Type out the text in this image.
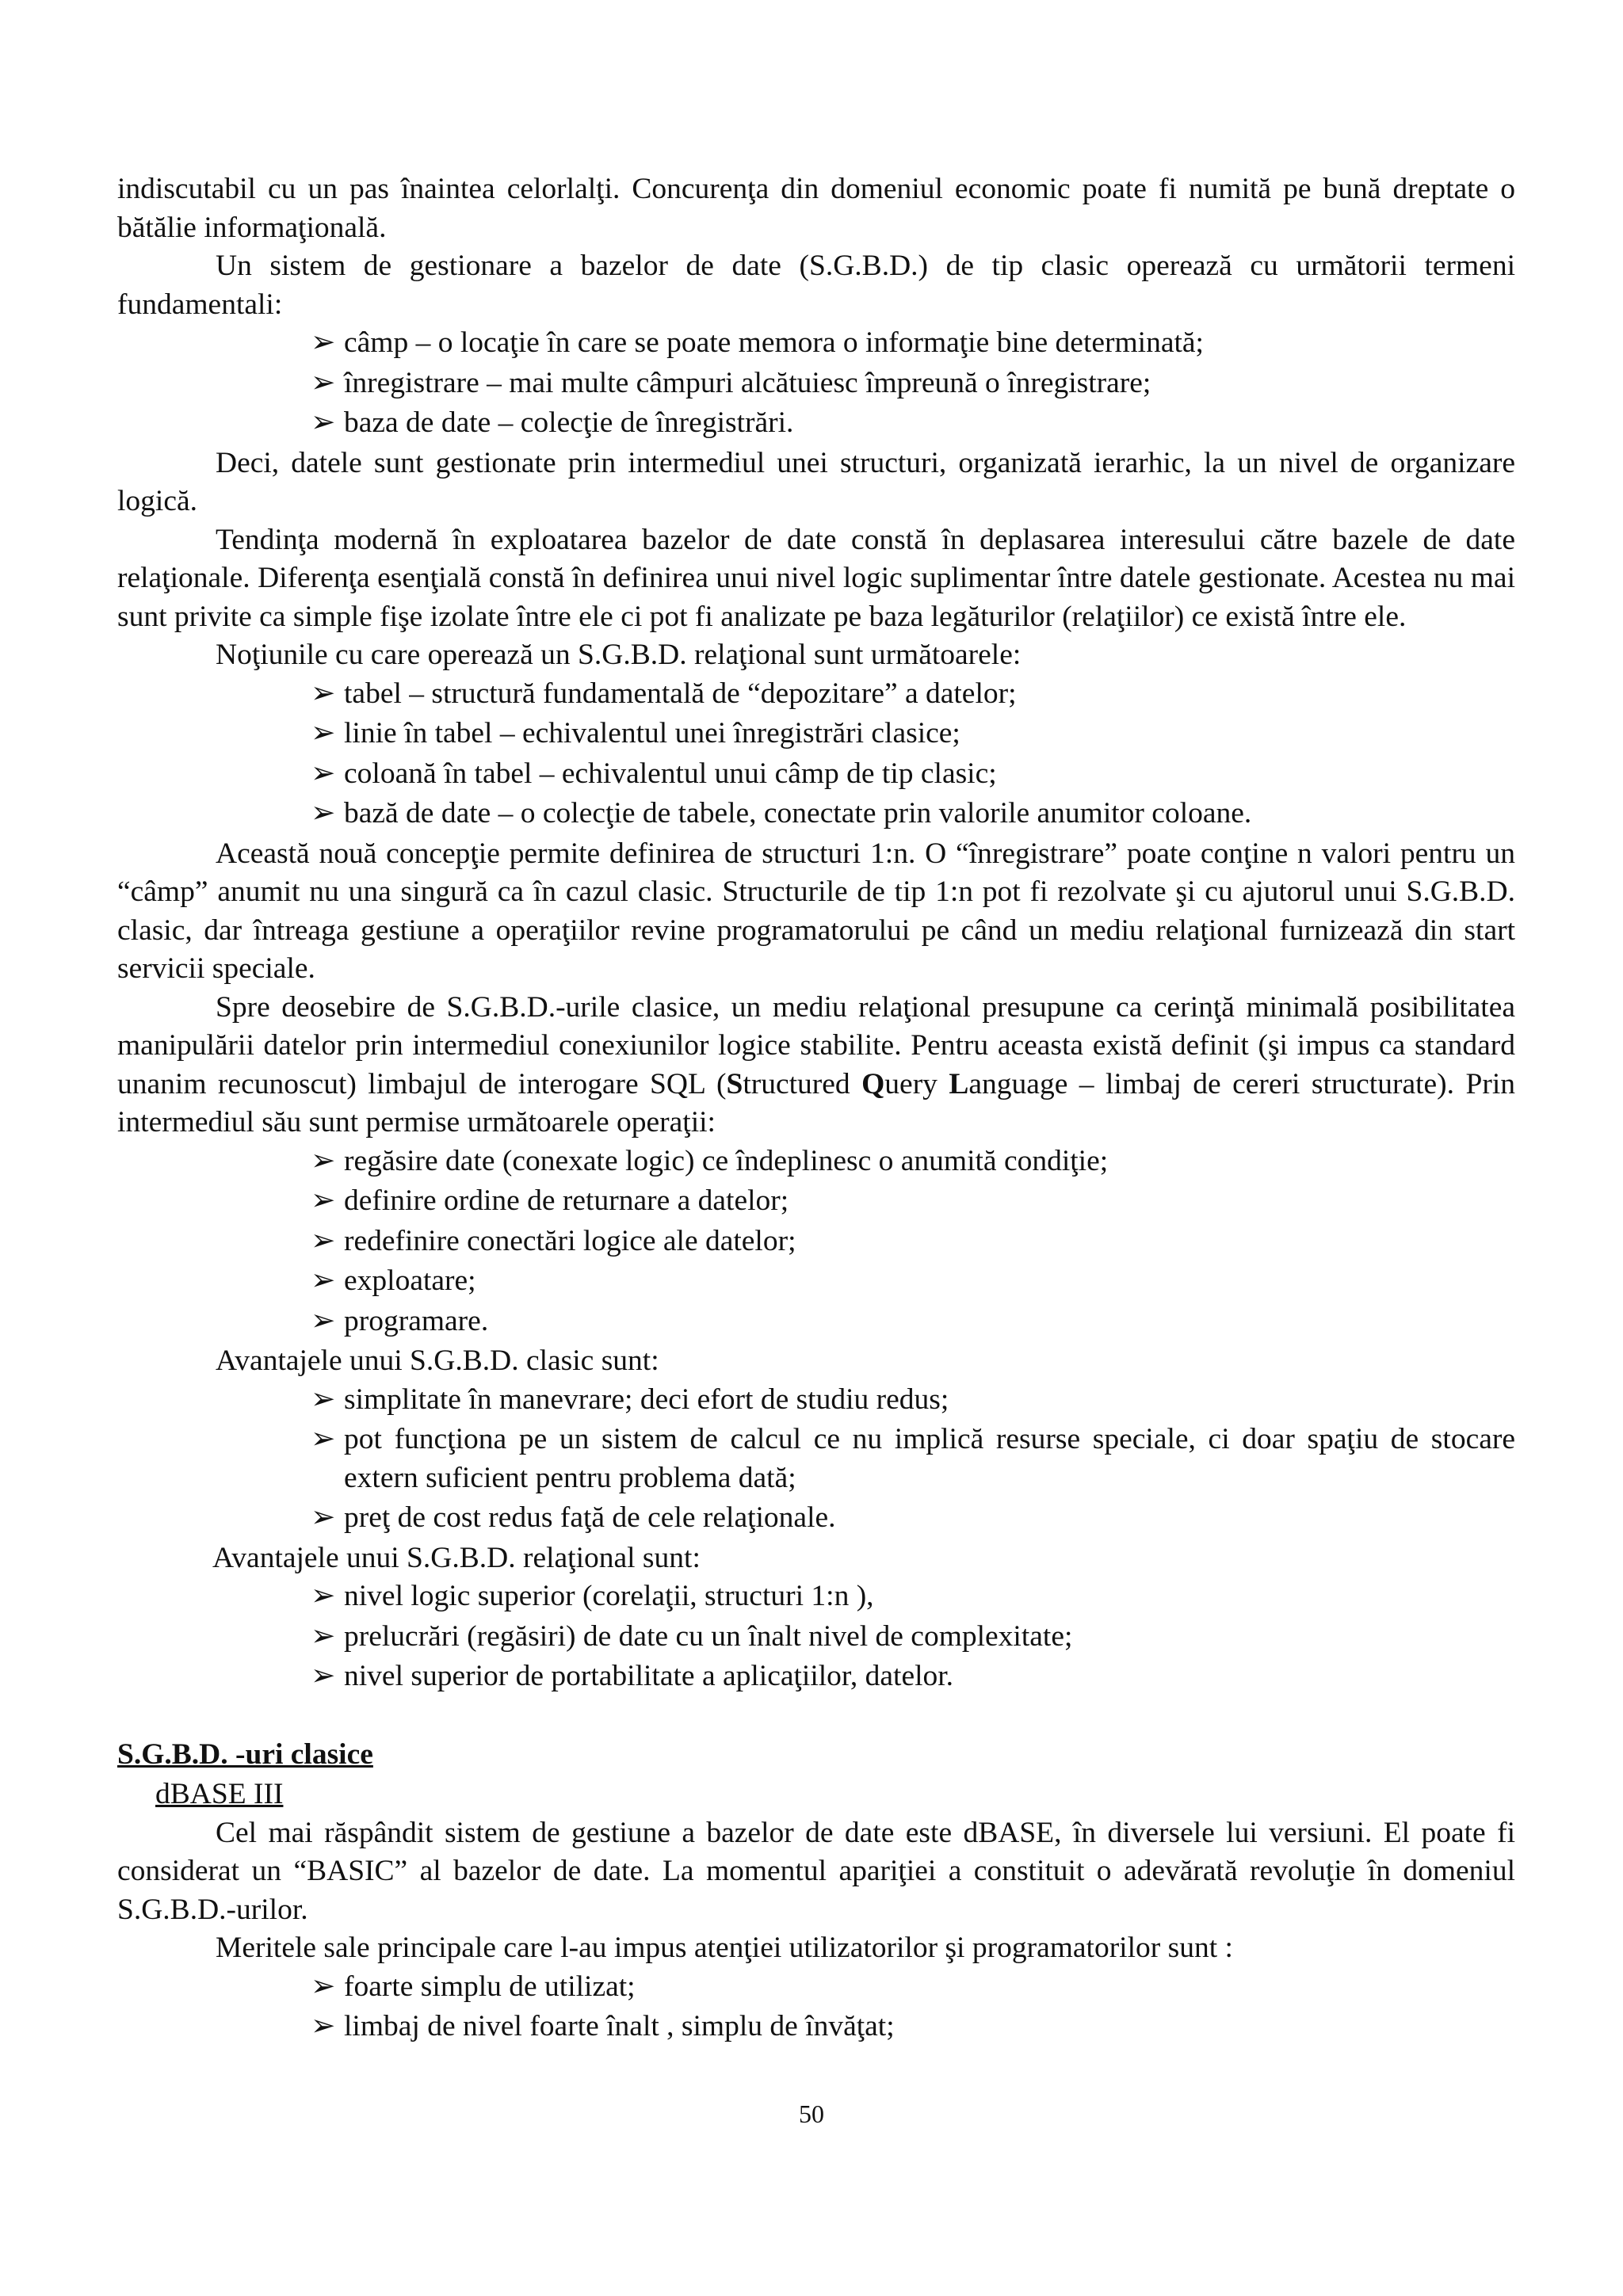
indiscutabil cu un pas înaintea celorlalţi. Concurenţa din domeniul economic poate fi numită pe bună dreptate o bătălie informaţională.

Un sistem de gestionare a bazelor de date (S.G.B.D.) de tip clasic operează cu următorii termeni fundamentali:

➢ câmp – o locaţie în care se poate memora o informaţie bine determinată;
➢ înregistrare – mai multe câmpuri alcătuiesc împreună o înregistrare;
➢ baza de date – colecţie de înregistrări.

Deci, datele sunt gestionate prin intermediul unei structuri, organizată ierarhic, la un nivel de organizare logică.

Tendinţa modernă în exploatarea bazelor de date constă în deplasarea interesului către bazele de date relaţionale. Diferenţa esenţială constă în definirea unui nivel logic suplimentar între datele gestionate. Acestea nu mai sunt privite ca simple fişe izolate între ele ci pot fi analizate pe baza legăturilor (relaţiilor) ce există între ele.

Noţiunile cu care operează un S.G.B.D. relaţional sunt următoarele:

➢ tabel – structură fundamentală de “depozitare” a datelor;
➢ linie în tabel – echivalentul unei înregistrări clasice;
➢ coloană în tabel – echivalentul unui câmp de tip clasic;
➢ bază de date – o colecţie de tabele, conectate prin valorile anumitor coloane.

Această nouă concepţie permite definirea de structuri 1:n. O “înregistrare” poate conţine n valori pentru un “câmp” anumit nu una singură ca în cazul clasic. Structurile de tip 1:n pot fi rezolvate şi cu ajutorul unui S.G.B.D. clasic, dar întreaga gestiune a operaţiilor revine programatorului pe când un mediu relaţional furnizează din start servicii speciale.

Spre deosebire de S.G.B.D.-urile clasice, un mediu relaţional presupune ca cerinţă minimală posibilitatea manipulării datelor prin intermediul conexiunilor logice stabilite. Pentru aceasta există definit (şi impus ca standard unanim recunoscut) limbajul de interogare SQL (Structured Query Language – limbaj de cereri structurate). Prin intermediul său sunt permise următoarele operaţii:

➢ regăsire date (conexate logic) ce îndeplinesc o anumită condiţie;
➢ definire ordine de returnare a datelor;
➢ redefinire conectări logice ale datelor;
➢ exploatare;
➢ programare.

Avantajele unui S.G.B.D. clasic sunt:

➢ simplitate în manevrare; deci efort de studiu redus;
➢ pot funcţiona pe un sistem de calcul ce nu implică resurse speciale, ci doar spaţiu de stocare extern suficient pentru problema dată;
➢ preţ de cost redus faţă de cele relaţionale.

Avantajele unui S.G.B.D. relaţional sunt:

➢ nivel logic superior (corelaţii, structuri 1:n ),
➢ prelucrări (regăsiri) de date cu un înalt nivel de complexitate;
➢ nivel superior de portabilitate a aplicaţiilor, datelor.

S.G.B.D. -uri clasice

dBASE III

Cel mai răspândit sistem de gestiune a bazelor de date este dBASE, în diversele lui versiuni. El poate fi considerat un “BASIC” al bazelor de date. La momentul apariţiei a constituit o adevărată revoluţie în domeniul S.G.B.D.-urilor.

Meritele sale principale care l-au impus atenţiei utilizatorilor şi programatorilor sunt :

➢ foarte simplu de utilizat;
➢ limbaj de nivel foarte înalt , simplu de învăţat;
50
